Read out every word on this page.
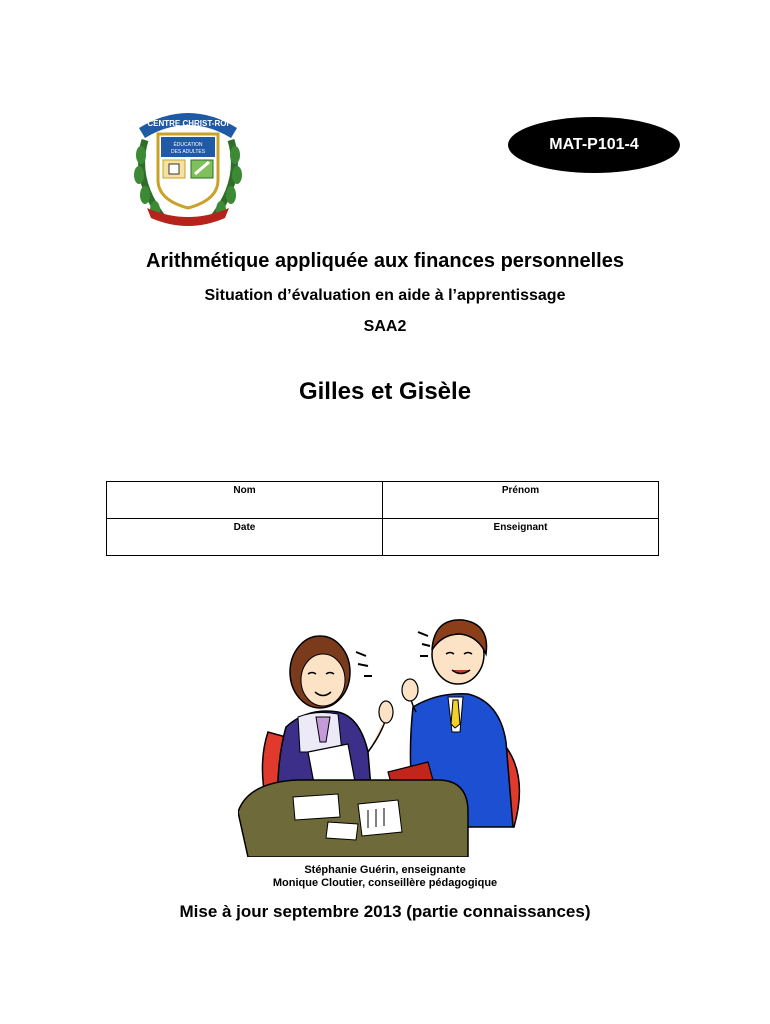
CENTRE CHRIST-ROI
ÉDUCATION
DES ADULTES	MAT-P101-4
Arithmétique appliquée aux finances personnelles
Situation d’évaluation en aide à l’apprentissage
SAA2
Gilles et Gisèle
Nom	Prénom
Date	Enseignant
Stéphanie Guérin, enseignante
Monique Cloutier, conseillère pédagogique
Mise à jour septembre 2013 (partie connaissances)
